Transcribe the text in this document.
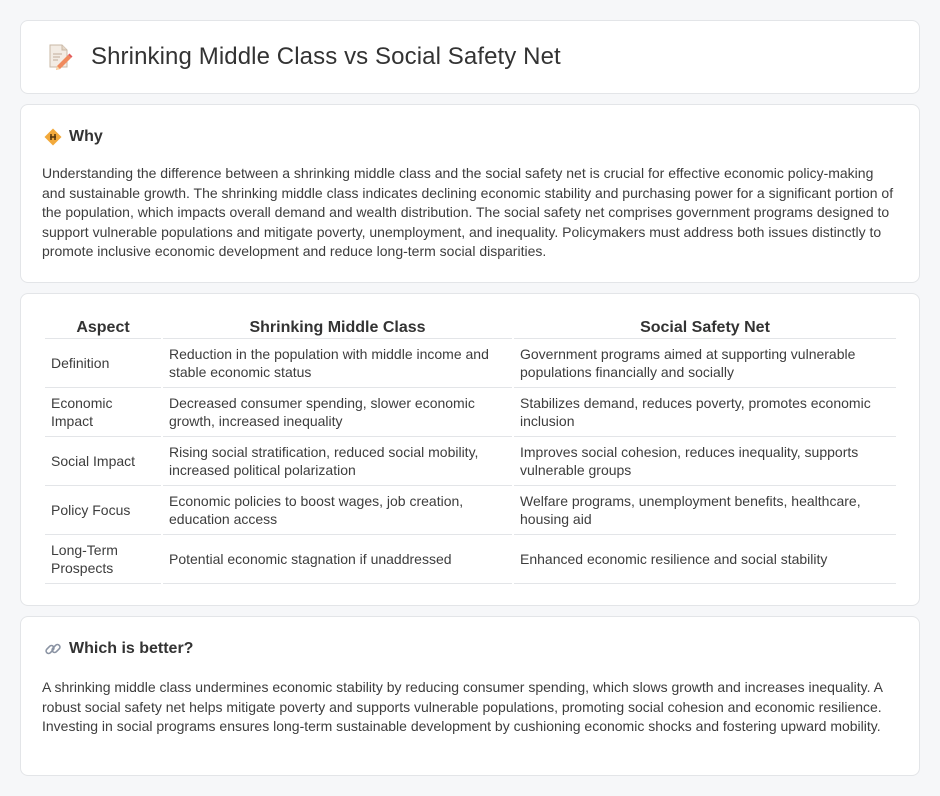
Shrinking Middle Class vs Social Safety Net
Why

Understanding the difference between a shrinking middle class and the social safety net is crucial for effective economic policy-making and sustainable growth. The shrinking middle class indicates declining economic stability and purchasing power for a significant portion of the population, which impacts overall demand and wealth distribution. The social safety net comprises government programs designed to support vulnerable populations and mitigate poverty, unemployment, and inequality. Policymakers must address both issues distinctly to promote inclusive economic development and reduce long-term social disparities.

Aspect	Shrinking Middle Class	Social Safety Net
Definition	Reduction in the population with middle income and stable economic status	Government programs aimed at supporting vulnerable populations financially and socially
Economic Impact	Decreased consumer spending, slower economic growth, increased inequality	Stabilizes demand, reduces poverty, promotes economic inclusion
Social Impact	Rising social stratification, reduced social mobility, increased political polarization	Improves social cohesion, reduces inequality, supports vulnerable groups
Policy Focus	Economic policies to boost wages, job creation, education access	Welfare programs, unemployment benefits, healthcare, housing aid
Long-Term Prospects	Potential economic stagnation if unaddressed	Enhanced economic resilience and social stability
Which is better?

A shrinking middle class undermines economic stability by reducing consumer spending, which slows growth and increases inequality. A robust social safety net helps mitigate poverty and supports vulnerable populations, promoting social cohesion and economic resilience. Investing in social programs ensures long-term sustainable development by cushioning economic shocks and fostering upward mobility.
